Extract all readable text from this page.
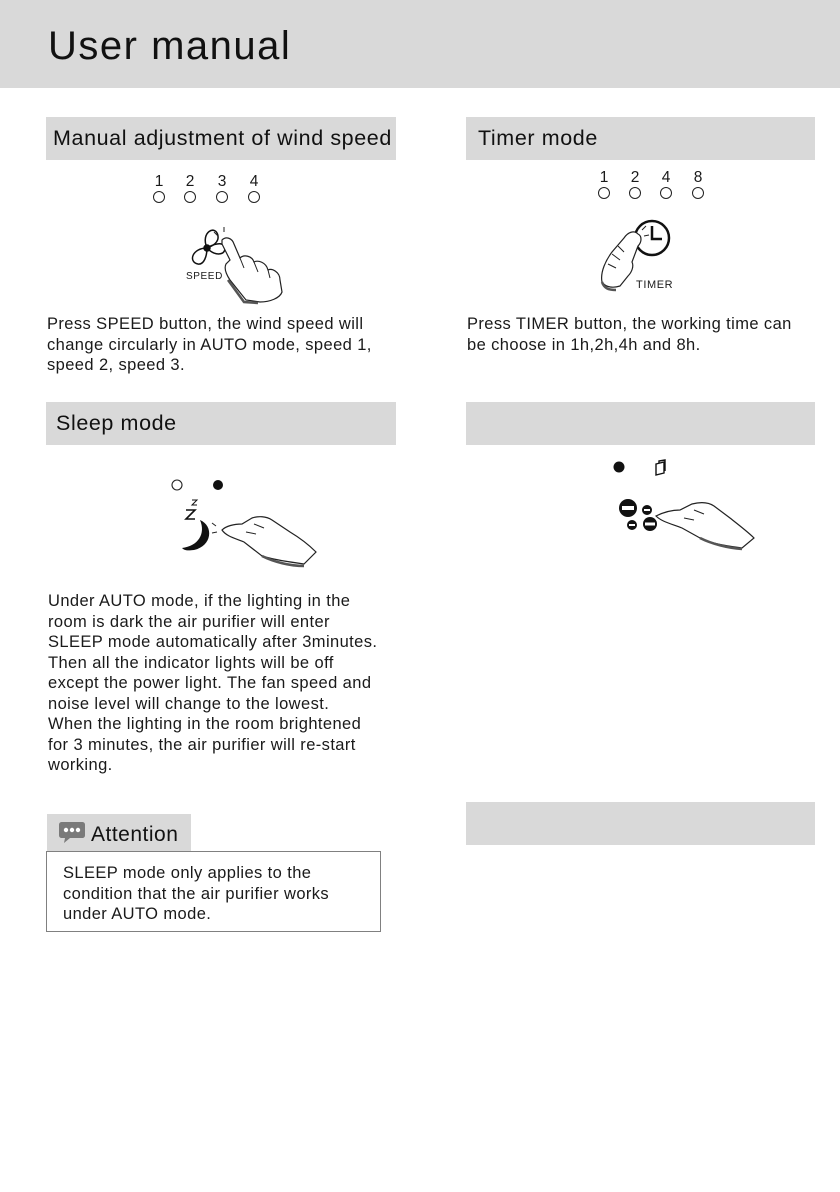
User manual
Manual adjustment of wind speed
1 2 3 4
SPEED

Press SPEED button, the wind speed will change circularly in AUTO mode, speed 1, speed 2, speed 3.

Timer mode
1 2 4 8
TIMER

Press TIMER button, the working time can be choose in 1h,2h,4h and 8h.

Sleep mode

Under AUTO mode, if the lighting in the

room is dark the air purifier will enter

SLEEP mode automatically after 3minutes.

Then all the indicator lights will be off

except the power light. The fan speed and

noise level will change to the lowest.

When the lighting in the room brightened

for 3 minutes, the air purifier will re-start

working.

Attention

SLEEP mode only applies to the condition that the air purifier works under AUTO mode.
